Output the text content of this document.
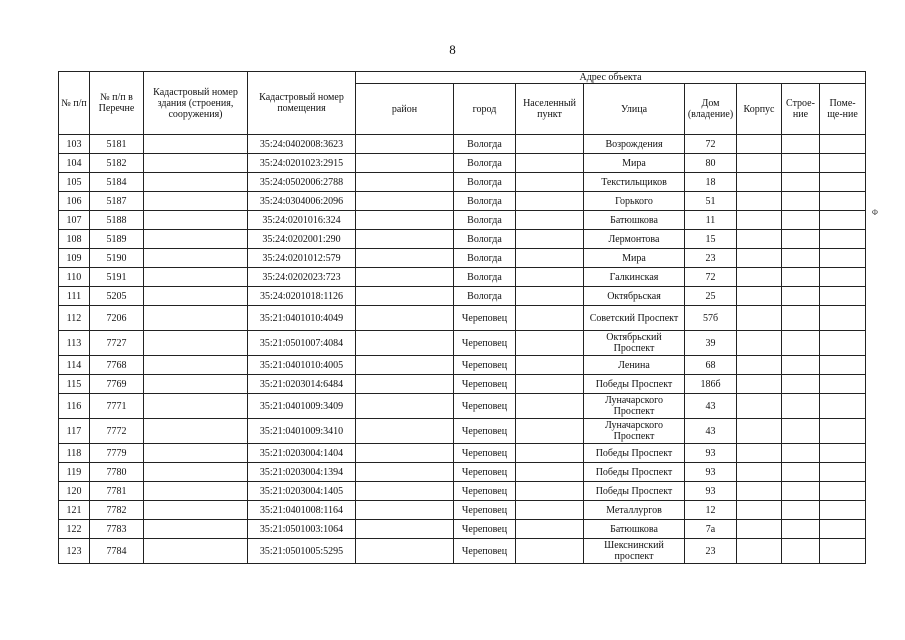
8
Φ
№ п/п	№ п/п в Перечне	Кадастровый номер здания (строения, сооружения)	Кадастровый номер помещения	Адрес объекта							
				район	город	Населенный пункт	Улица	Дом (владение)	Корпус	Строе-ние	Поме-ще-ние
103	5181		35:24:0402008:3623		Вологда		Возрождения	72			
104	5182		35:24:0201023:2915		Вологда		Мира	80			
105	5184		35:24:0502006:2788		Вологда		Текстильщиков	18			
106	5187		35:24:0304006:2096		Вологда		Горького	51			
107	5188		35:24:0201016:324		Вологда		Батюшкова	11			
108	5189		35:24:0202001:290		Вологда		Лермонтова	15			
109	5190		35:24:0201012:579		Вологда		Мира	23			
110	5191		35:24:0202023:723		Вологда		Галкинская	72			
111	5205		35:24:0201018:1126		Вологда		Октябрьская	25			
112	7206		35:21:0401010:4049		Череповец		Советский Проспект	57б			
113	7727		35:21:0501007:4084		Череповец		Октябрьский Проспект	39			
114	7768		35:21:0401010:4005		Череповец		Ленина	68			
115	7769		35:21:0203014:6484		Череповец		Победы Проспект	186б			
116	7771		35:21:0401009:3409		Череповец		Луначарского Проспект	43			
117	7772		35:21:0401009:3410		Череповец		Луначарского Проспект	43			
118	7779		35:21:0203004:1404		Череповец		Победы Проспект	93			
119	7780		35:21:0203004:1394		Череповец		Победы Проспект	93			
120	7781		35:21:0203004:1405		Череповец		Победы Проспект	93			
121	7782		35:21:0401008:1164		Череповец		Металлургов	12			
122	7783		35:21:0501003:1064		Череповец		Батюшкова	7а			
123	7784		35:21:0501005:5295		Череповец		Шекснинский проспект	23			
